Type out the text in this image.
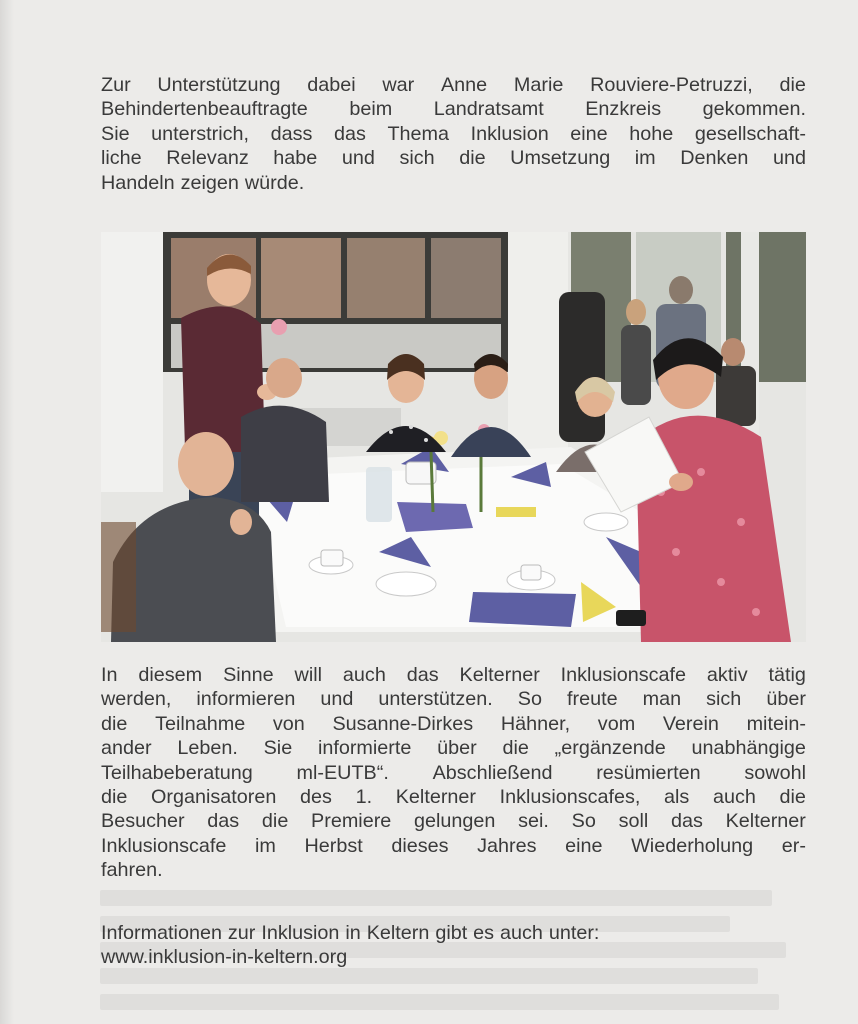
Zur Unterstützung dabei war Anne Marie Rouviere-Petruzzi, die
Behindertenbeauftragte beim Landratsamt Enzkreis gekommen.
Sie unterstrich, dass das Thema Inklusion eine hohe gesellschaft-
liche Relevanz habe und sich die Umsetzung im Denken und
Handeln zeigen würde.
In diesem Sinne will auch das Kelterner Inklusionscafe aktiv tätig
werden, informieren und unterstützen. So freute man sich über
die Teilnahme von Susanne-Dirkes Hähner, vom Verein mitein-
ander Leben. Sie informierte über die „ergänzende unabhängige
Teilhabeberatung ml-EUTB“. Abschließend resümierten sowohl
die Organisatoren des 1. Kelterner Inklusionscafes, als auch die
Besucher das die Premiere gelungen sei. So soll das Kelterner
Inklusionscafe im Herbst dieses Jahres eine Wiederholung er-
fahren.
Informationen zur Inklusion in Keltern gibt es auch unter:
www.inklusion-in-keltern.org
